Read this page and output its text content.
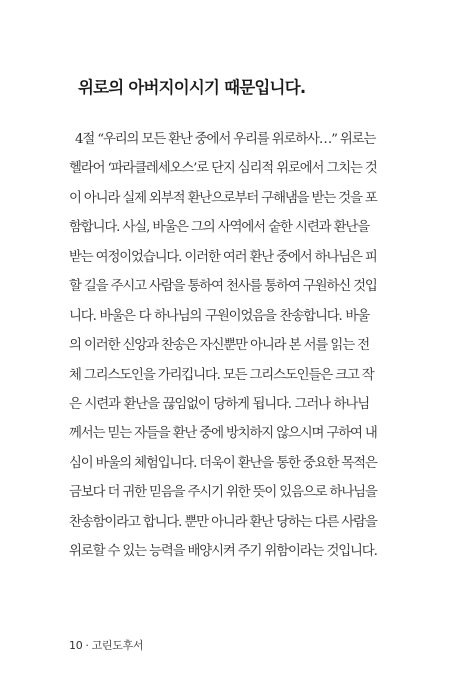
위로의 아버지이시기 때문입니다.
4절 “우리의 모든 환난 중에서 우리를 위로하사…” 위로는
헬라어 ‘파라클레세오스’로 단지 심리적 위로에서 그치는 것
이 아니라 실제 외부적 환난으로부터 구해냄을 받는 것을 포
함합니다. 사실, 바울은 그의 사역에서 숱한 시련과 환난을
받는 여정이었습니다. 이러한 여러 환난 중에서 하나님은 피
할 길을 주시고 사람을 통하여 천사를 통하여 구원하신 것입
니다. 바울은 다 하나님의 구원이었음을 찬송합니다. 바울
의 이러한 신앙과 찬송은 자신뿐만 아니라 본 서를 읽는 전
체 그리스도인을 가리킵니다. 모든 그리스도인들은 크고 작
은 시련과 환난을 끊임없이 당하게 됩니다. 그러나 하나님
께서는 믿는 자들을 환난 중에 방치하지 않으시며 구하여 내
심이 바울의 체험입니다. 더욱이 환난을 통한 중요한 목적은
금보다 더 귀한 믿음을 주시기 위한 뜻이 있음으로 하나님을
찬송함이라고 합니다. 뿐만 아니라 환난 당하는 다른 사람을
위로할 수 있는 능력을 배양시켜 주기 위함이라는 것입니다.
10 · 고린도후서
